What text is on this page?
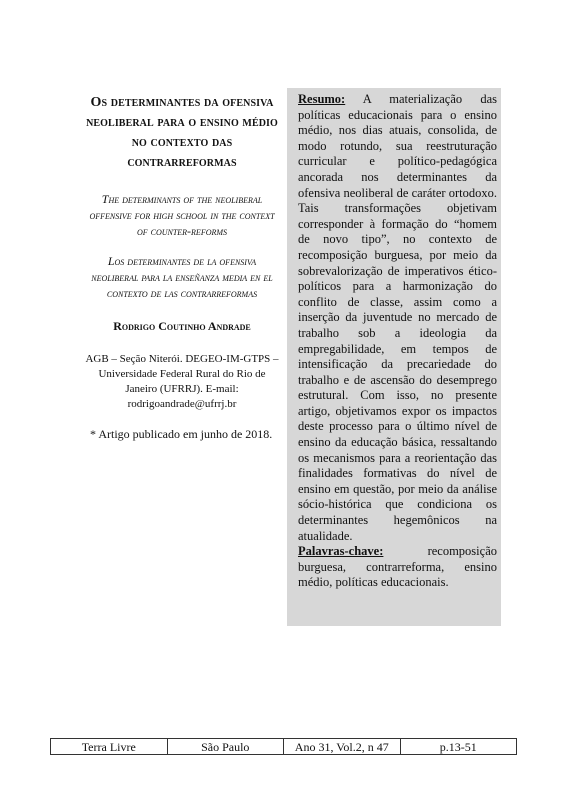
Os determinantes da ofensiva neoliberal para o ensino médio no contexto das contrarreformas
The determinants of the neoliberal offensive for high school in the context of counter-reforms
Los determinantes de la ofensiva neoliberal para la enseñanza media en el contexto de las contrarreformas
Rodrigo Coutinho Andrade
AGB – Seção Niterói. DEGEO-IM-GTPS – Universidade Federal Rural do Rio de Janeiro (UFRRJ). E-mail: rodrigoandrade@ufrrj.br
* Artigo publicado em junho de 2018.

Resumo: A materialização das políticas educacionais para o ensino médio, nos dias atuais, consolida, de modo rotundo, sua reestruturação curricular e político-pedagógica ancorada nos determinantes da ofensiva neoliberal de caráter ortodoxo. Tais transformações objetivam corresponder à formação do “homem de novo tipo”, no contexto de recomposição burguesa, por meio da sobrevalorização de imperativos ético-políticos para a harmonização do conflito de classe, assim como a inserção da juventude no mercado de trabalho sob a ideologia da empregabilidade, em tempos de intensificação da precariedade do trabalho e de ascensão do desemprego estrutural. Com isso, no presente artigo, objetivamos expor os impactos deste processo para o último nível de ensino da educação básica, ressaltando os mecanismos para a reorientação das finalidades formativas do nível de ensino em questão, por meio da análise sócio-histórica que condiciona os determinantes hegemônicos na atualidade.

Palavras-chave: recomposição burguesa, contrarreforma, ensino médio, políticas educacionais.

Terra Livre	São Paulo	Ano 31, Vol.2, n 47	p.13-51
